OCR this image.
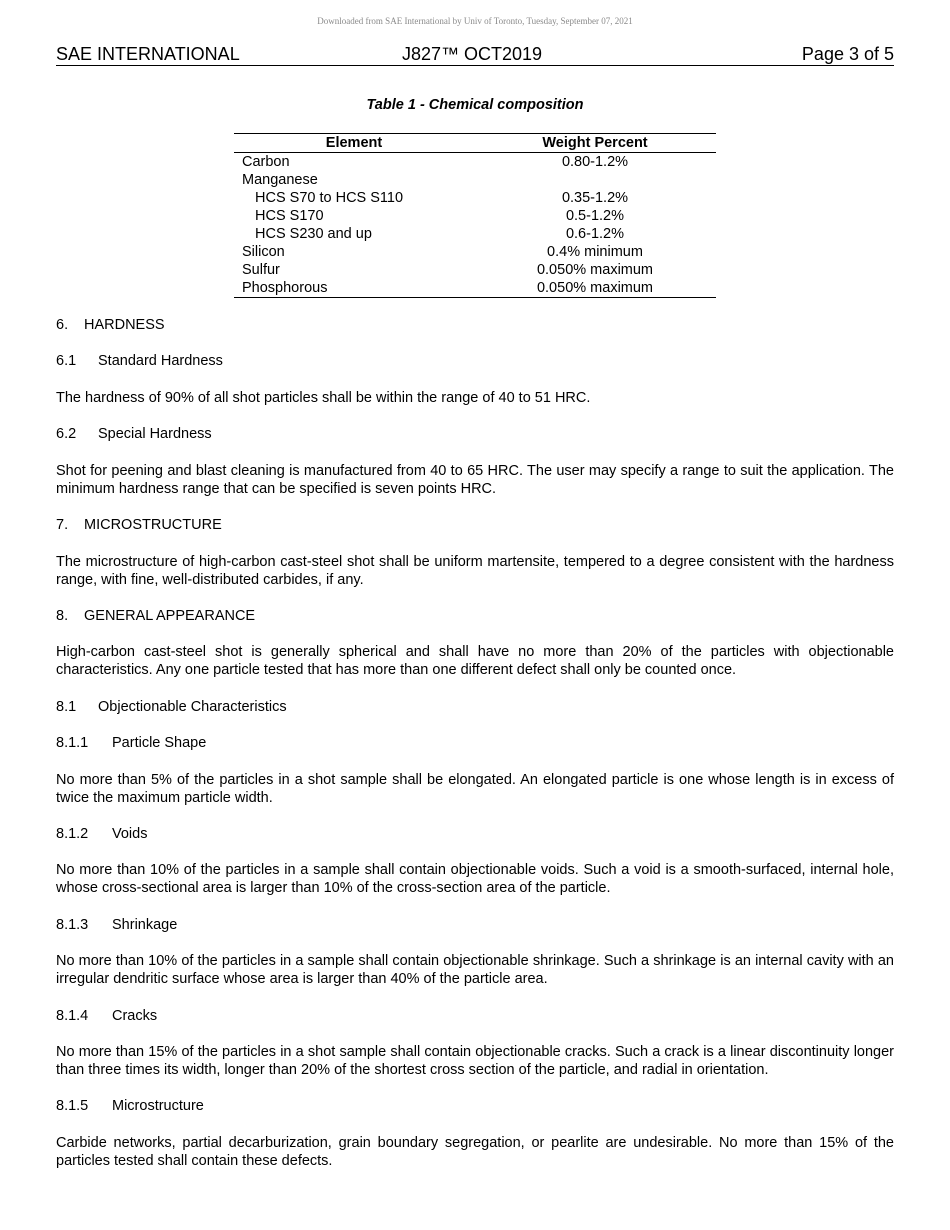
Downloaded from SAE International by Univ of Toronto, Tuesday, September 07, 2021
SAE INTERNATIONAL	J827™ OCT2019	Page 3 of 5
Table 1 - Chemical composition
Element	Weight Percent
Carbon	0.80-1.2%
Manganese	
HCS S70 to HCS S110	0.35-1.2%
HCS S170	0.5-1.2%
HCS S230 and up	0.6-1.2%
Silicon	0.4% minimum
Sulfur	0.050% maximum
Phosphorous	0.050% maximum
6. HARDNESS
6.1 Standard Hardness
The hardness of 90% of all shot particles shall be within the range of 40 to 51 HRC.
6.2 Special Hardness
Shot for peening and blast cleaning is manufactured from 40 to 65 HRC. The user may specify a range to suit the application. The minimum hardness range that can be specified is seven points HRC.
7. MICROSTRUCTURE
The microstructure of high-carbon cast-steel shot shall be uniform martensite, tempered to a degree consistent with the hardness range, with fine, well-distributed carbides, if any.
8. GENERAL APPEARANCE
High-carbon cast-steel shot is generally spherical and shall have no more than 20% of the particles with objectionable characteristics. Any one particle tested that has more than one different defect shall only be counted once.
8.1 Objectionable Characteristics
8.1.1 Particle Shape
No more than 5% of the particles in a shot sample shall be elongated. An elongated particle is one whose length is in excess of twice the maximum particle width.
8.1.2 Voids
No more than 10% of the particles in a sample shall contain objectionable voids. Such a void is a smooth-surfaced, internal hole, whose cross-sectional area is larger than 10% of the cross-section area of the particle.
8.1.3 Shrinkage
No more than 10% of the particles in a sample shall contain objectionable shrinkage. Such a shrinkage is an internal cavity with an irregular dendritic surface whose area is larger than 40% of the particle area.
8.1.4 Cracks
No more than 15% of the particles in a shot sample shall contain objectionable cracks. Such a crack is a linear discontinuity longer than three times its width, longer than 20% of the shortest cross section of the particle, and radial in orientation.
8.1.5 Microstructure
Carbide networks, partial decarburization, grain boundary segregation, or pearlite are undesirable. No more than 15% of the particles tested shall contain these defects.
